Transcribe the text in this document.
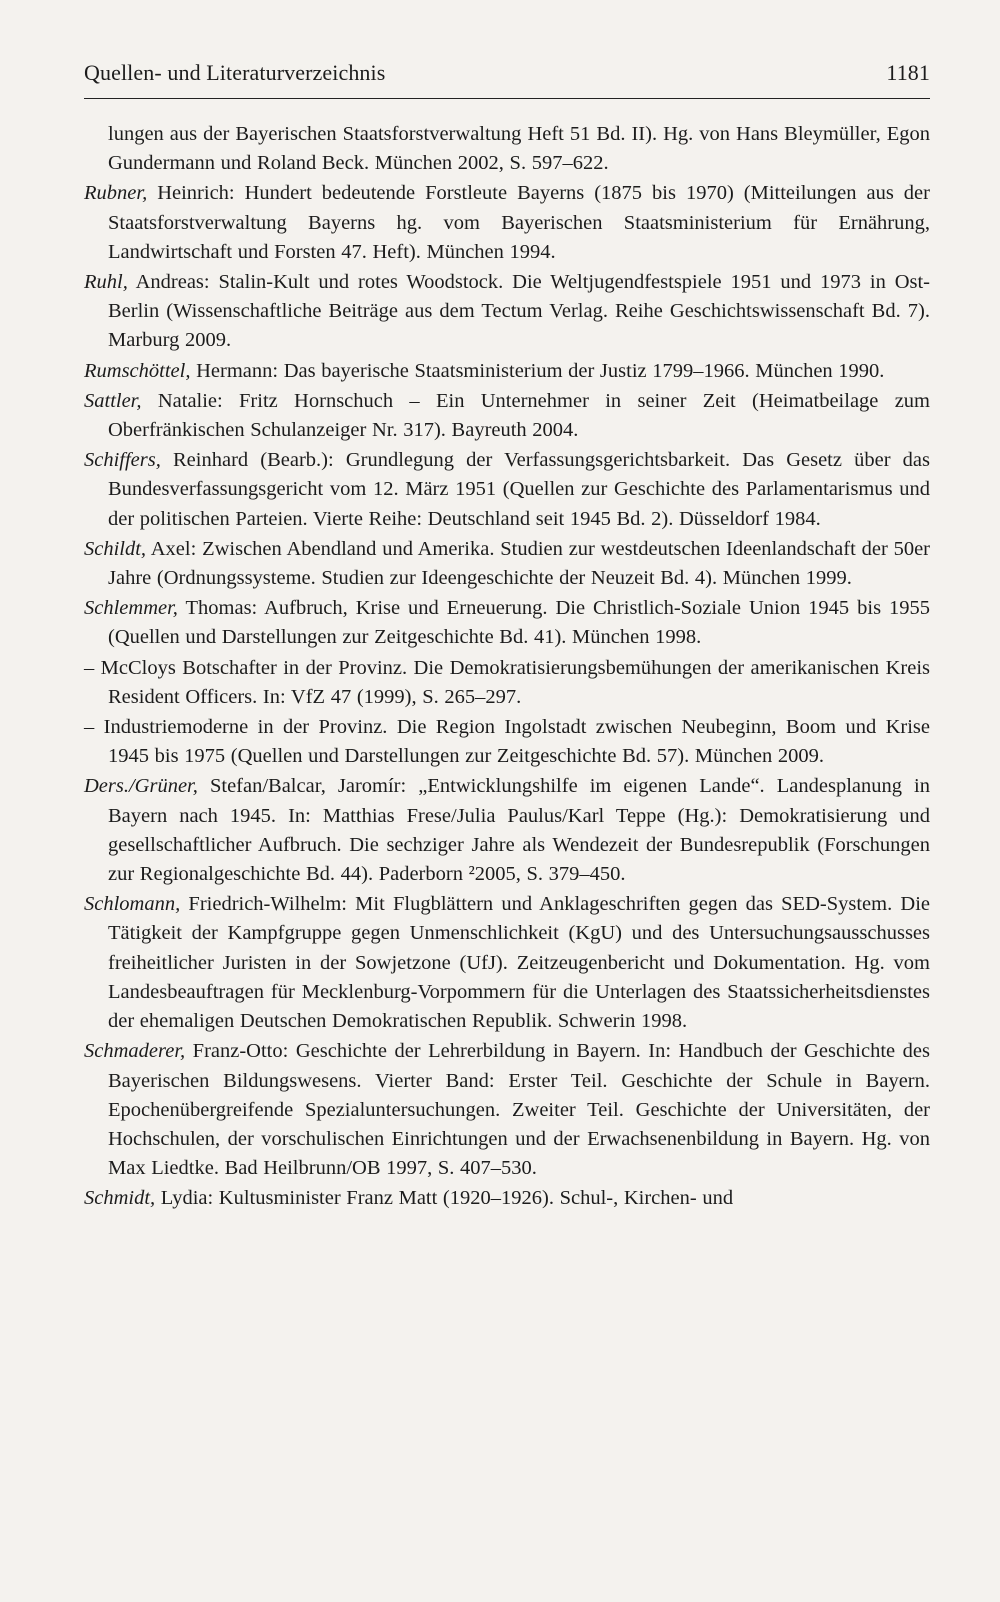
Quellen- und Literaturverzeichnis	1181

lungen aus der Bayerischen Staatsforstverwaltung Heft 51 Bd. II). Hg. von Hans Bleymüller, Egon Gundermann und Roland Beck. München 2002, S. 597–622.

Rubner, Heinrich: Hundert bedeutende Forstleute Bayerns (1875 bis 1970) (Mitteilungen aus der Staatsforstverwaltung Bayerns hg. vom Bayerischen Staatsministerium für Ernährung, Landwirtschaft und Forsten 47. Heft). München 1994.

Ruhl, Andreas: Stalin-Kult und rotes Woodstock. Die Weltjugendfestspiele 1951 und 1973 in Ost-Berlin (Wissenschaftliche Beiträge aus dem Tectum Verlag. Reihe Geschichtswissenschaft Bd. 7). Marburg 2009.

Rumschöttel, Hermann: Das bayerische Staatsministerium der Justiz 1799–1966. München 1990.

Sattler, Natalie: Fritz Hornschuch – Ein Unternehmer in seiner Zeit (Heimatbeilage zum Oberfränkischen Schulanzeiger Nr. 317). Bayreuth 2004.

Schiffers, Reinhard (Bearb.): Grundlegung der Verfassungsgerichtsbarkeit. Das Gesetz über das Bundesverfassungsgericht vom 12. März 1951 (Quellen zur Geschichte des Parlamentarismus und der politischen Parteien. Vierte Reihe: Deutschland seit 1945 Bd. 2). Düsseldorf 1984.

Schildt, Axel: Zwischen Abendland und Amerika. Studien zur westdeutschen Ideenlandschaft der 50er Jahre (Ordnungssysteme. Studien zur Ideengeschichte der Neuzeit Bd. 4). München 1999.

Schlemmer, Thomas: Aufbruch, Krise und Erneuerung. Die Christlich-Soziale Union 1945 bis 1955 (Quellen und Darstellungen zur Zeitgeschichte Bd. 41). München 1998.

– McCloys Botschafter in der Provinz. Die Demokratisierungsbemühungen der amerikanischen Kreis Resident Officers. In: VfZ 47 (1999), S. 265–297.

– Industriemoderne in der Provinz. Die Region Ingolstadt zwischen Neubeginn, Boom und Krise 1945 bis 1975 (Quellen und Darstellungen zur Zeitgeschichte Bd. 57). München 2009.

Ders./Grüner, Stefan/Balcar, Jaromír: „Entwicklungshilfe im eigenen Lande“. Landesplanung in Bayern nach 1945. In: Matthias Frese/Julia Paulus/Karl Teppe (Hg.): Demokratisierung und gesellschaftlicher Aufbruch. Die sechziger Jahre als Wendezeit der Bundesrepublik (Forschungen zur Regionalgeschichte Bd. 44). Paderborn ²2005, S. 379–450.

Schlomann, Friedrich-Wilhelm: Mit Flugblättern und Anklageschriften gegen das SED-System. Die Tätigkeit der Kampfgruppe gegen Unmenschlichkeit (KgU) und des Untersuchungsausschusses freiheitlicher Juristen in der Sowjetzone (UfJ). Zeitzeugenbericht und Dokumentation. Hg. vom Landesbeauftragen für Mecklenburg-Vorpommern für die Unterlagen des Staatssicherheitsdienstes der ehemaligen Deutschen Demokratischen Republik. Schwerin 1998.

Schmaderer, Franz-Otto: Geschichte der Lehrerbildung in Bayern. In: Handbuch der Geschichte des Bayerischen Bildungswesens. Vierter Band: Erster Teil. Geschichte der Schule in Bayern. Epochenübergreifende Spezialuntersuchungen. Zweiter Teil. Geschichte der Universitäten, der Hochschulen, der vorschulischen Einrichtungen und der Erwachsenenbildung in Bayern. Hg. von Max Liedtke. Bad Heilbrunn/OB 1997, S. 407–530.

Schmidt, Lydia: Kultusminister Franz Matt (1920–1926). Schul-, Kirchen- und
